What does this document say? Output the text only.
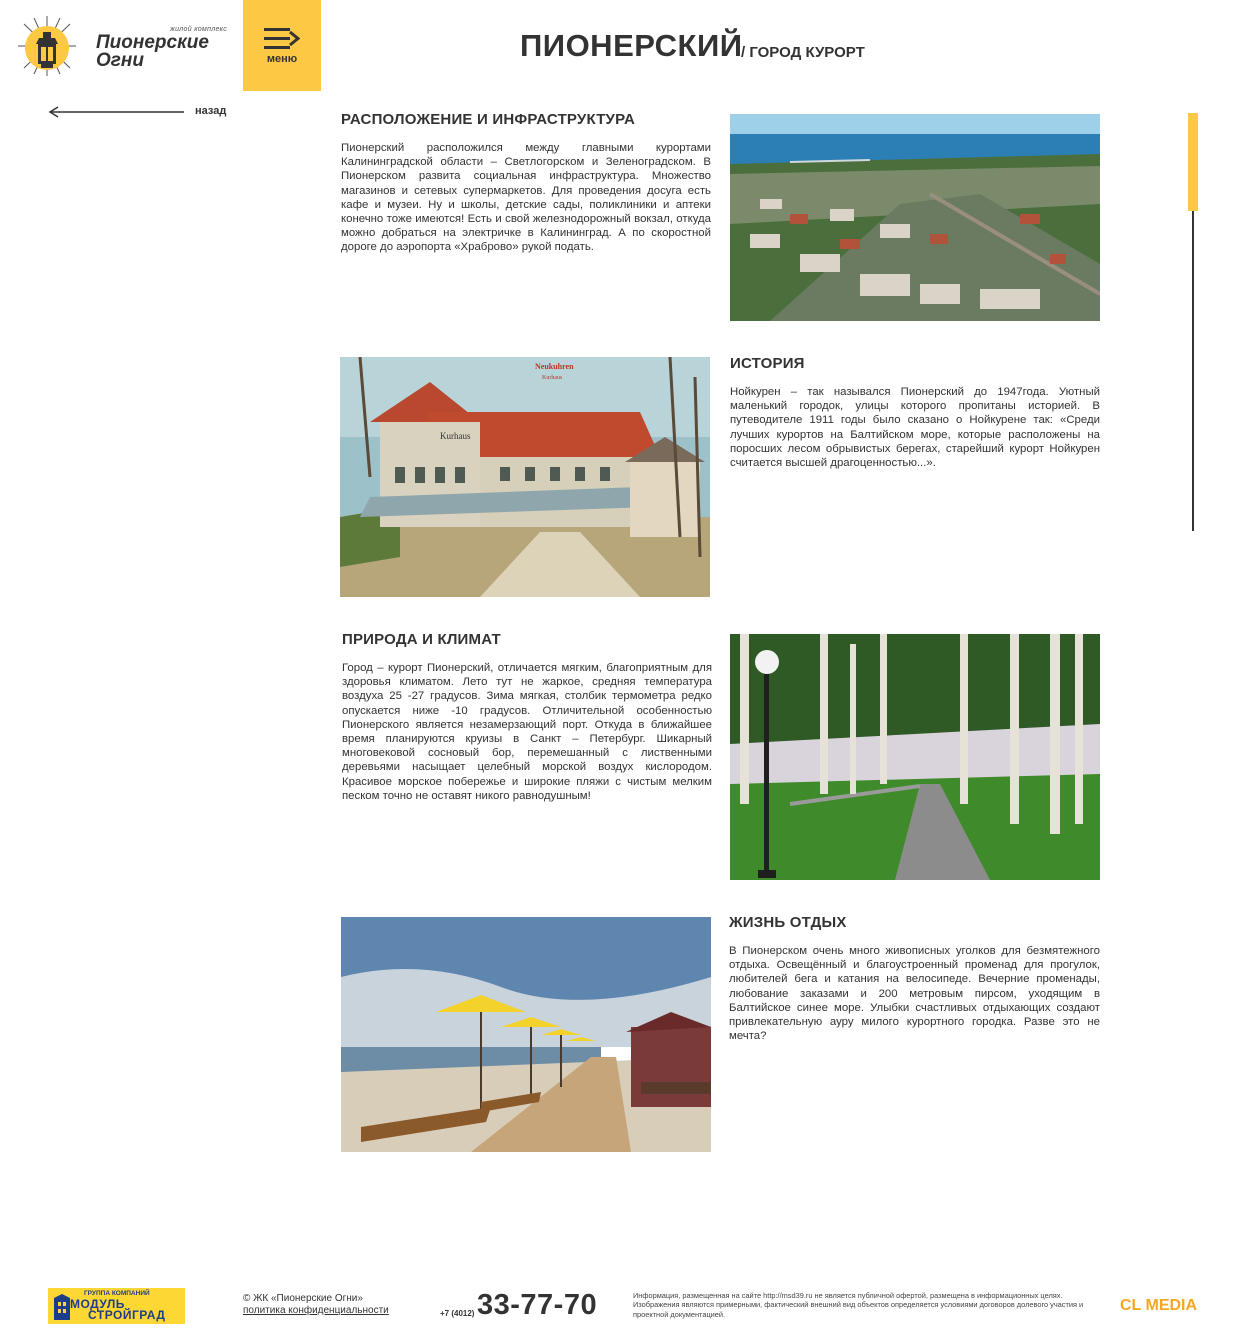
жилой комплекс
Пионерские
Огни	меню	ПИОНЕРСКИЙ
/ ГОРОД КУРОРТ
назад	РАСПОЛОЖЕНИЕ И ИНФРАСТРУКТУРА

Пионерский расположился между главными курортами Калининградской области – Светлогорском и Зеленоградском. В Пионерском развита социальная инфраструктура. Множество магазинов и сетевых супермаркетов. Для проведения досуга есть кафе и музеи. Ну и школы, детские сады, поликлиники и аптеки конечно тоже имеются! Есть и свой железнодорожный вокзал, откуда можно добраться на электричке в Калининград. А по скоростной дороге до аэропорта «Храброво» рукой подать.

Kurhaus
Neukuhren
Kurhaus
ИСТОРИЯ

Нойкурен – так назывался Пионерский до 1947года. Уютный маленький городок, улицы которого пропитаны историей. В путеводителе 1911 годы было сказано о Нойкурене так: «Среди лучших курортов на Балтийском море, которые расположены на поросших лесом обрывистых берегах, старейший курорт Нойкурен считается высшей драгоценностью...».

ПРИРОДА И КЛИМАТ

Город – курорт Пионерский, отличается мягким, благоприятным для здоровья климатом. Лето тут не жаркое, средняя температура воздуха 25 -27 градусов. Зима мягкая, столбик термометра редко опускается ниже -10 градусов. Отличительной особенностью Пионерского является незамерзающий порт. Откуда в ближайшее время планируются круизы в Санкт – Петербург. Шикарный многовековой сосновый бор, перемешанный с лиственными деревьями насыщает целебный морской воздух кислородом. Красивое морское побережье и широкие пляжи с чистым мелким песком точно не оставят никого равнодушным!

ЖИЗНЬ ОТДЫХ

В Пионерском очень много живописных уголков для безмятежного отдыха. Освещённый и благоустроенный променад для прогулок, любителей бега и катания на велосипеде. Вечерние променады, любование заказами и 200 метровым пирсом, уходящим в Балтийское синее море. Улыбки счастливых отдыхающих создают привлекательную ауру милого курортного городка. Разве это не мечта?

ГРУППА КОМПАНИЙ
МОДУЛЬ
СТРОЙГРАД
© ЖК «Пионерские Огни»
политика конфиденциальности	+7 (4012) 33-77-70	Информация, размещенная на сайте http://msd39.ru не является публичной офертой, размещена в информационных целях. Изображения являются примерными, фактический внешний вид объектов определяется условиями договоров долевого участия и проектной документацией.

CL MEDIA
